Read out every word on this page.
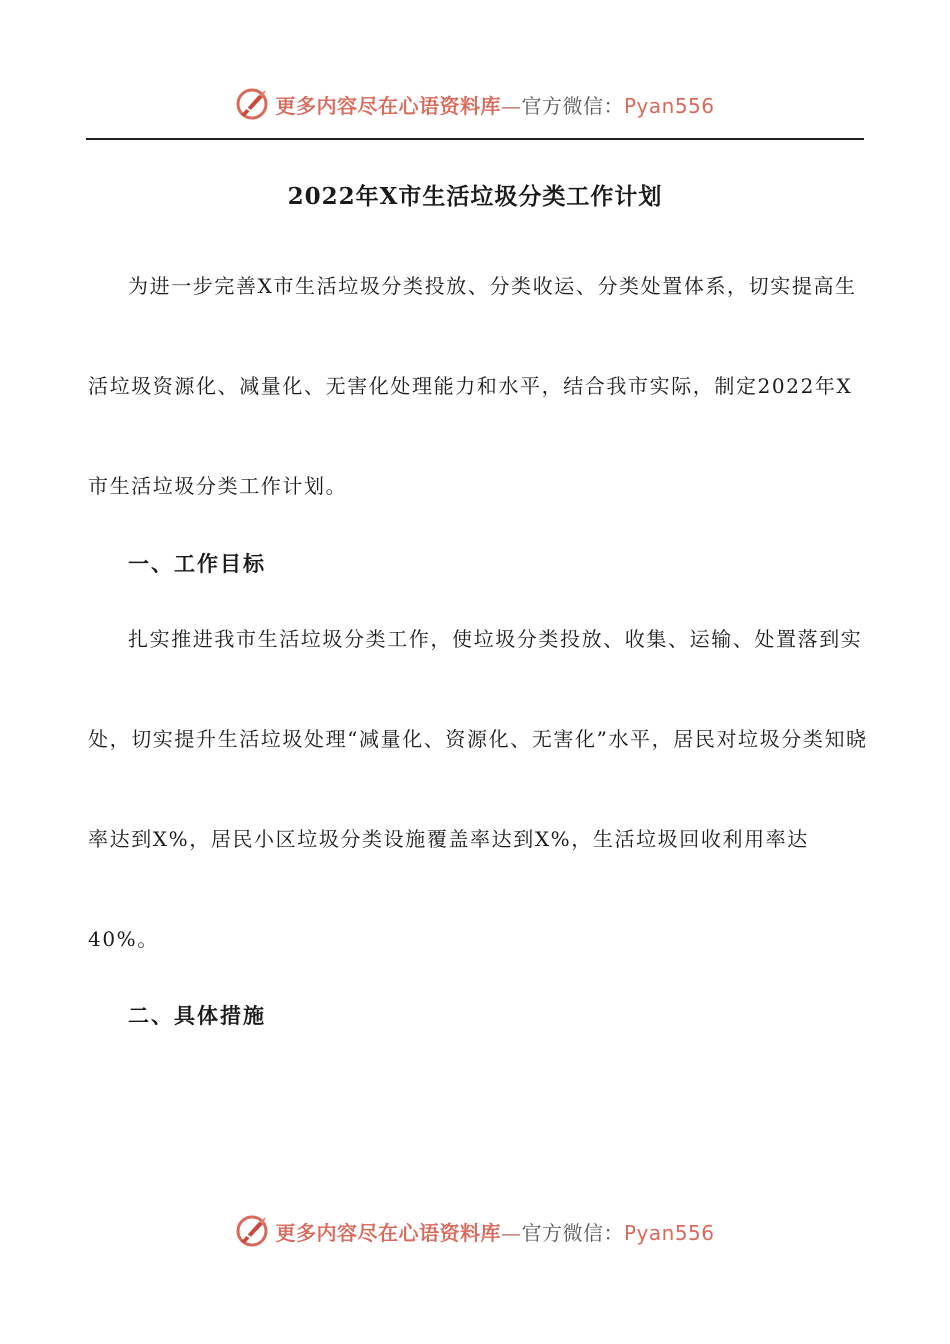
更多内容尽在心语资料库—官方微信：Pyan556
2022年X市生活垃圾分类工作计划

为进一步完善X市生活垃圾分类投放、分类收运、分类处置体系，切实提高生活垃圾资源化、减量化、无害化处理能力和水平，结合我市实际，制定2022年X市生活垃圾分类工作计划。

一、工作目标

扎实推进我市生活垃圾分类工作，使垃圾分类投放、收集、运输、处置落到实处，切实提升生活垃圾处理“减量化、资源化、无害化”水平，居民对垃圾分类知晓率达到X%，居民小区垃圾分类设施覆盖率达到X%，生活垃圾回收利用率达40%。

二、具体措施
更多内容尽在心语资料库—官方微信：Pyan556
